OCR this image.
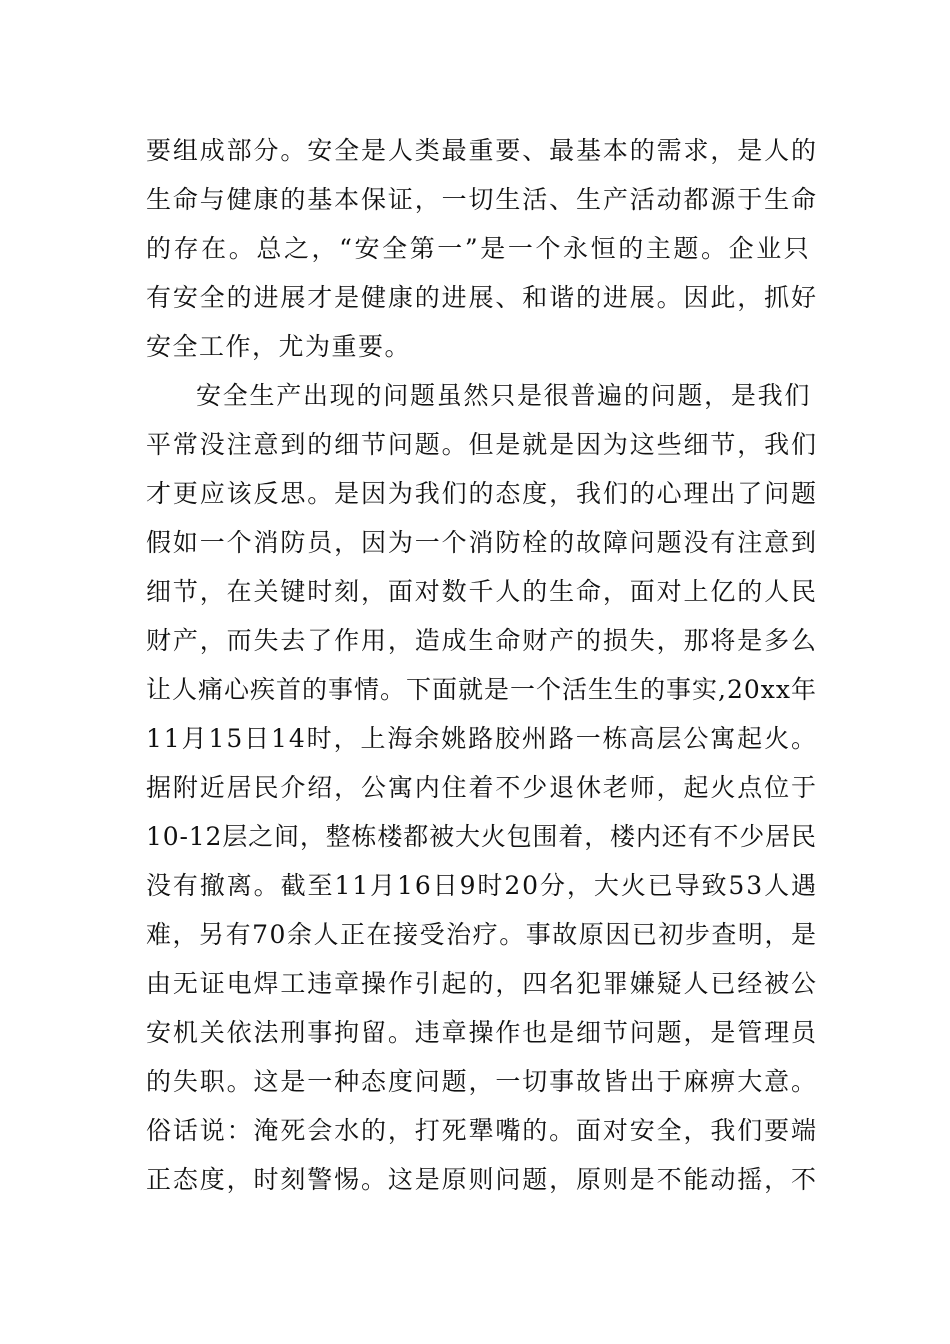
要组成部分。安全是人类最重要、最基本的需求，是人的
生命与健康的基本保证，一切生活、生产活动都源于生命
的存在。总之，“安全第一”是一个永恒的主题。企业只
有安全的进展才是健康的进展、和谐的进展。因此，抓好
安全工作，尤为重要。
安全生产出现的问题虽然只是很普遍的问题，是我们
平常没注意到的细节问题。但是就是因为这些细节，我们
才更应该反思。是因为我们的态度，我们的心理出了问题
假如一个消防员，因为一个消防栓的故障问题没有注意到
细节，在关键时刻，面对数千人的生命，面对上亿的人民
财产，而失去了作用，造成生命财产的损失，那将是多么
让人痛心疾首的事情。下面就是一个活生生的事实,20xx年
11月15日14时，上海余姚路胶州路一栋高层公寓起火。
据附近居民介绍，公寓内住着不少退休老师，起火点位于
10-12层之间，整栋楼都被大火包围着，楼内还有不少居民
没有撤离。截至11月16日9时20分，大火已导致53人遇
难，另有70余人正在接受治疗。事故原因已初步查明，是
由无证电焊工违章操作引起的，四名犯罪嫌疑人已经被公
安机关依法刑事拘留。违章操作也是细节问题，是管理员
的失职。这是一种态度问题，一切事故皆出于麻痹大意。
俗话说：淹死会水的，打死犟嘴的。面对安全，我们要端
正态度，时刻警惕。这是原则问题，原则是不能动摇，不
